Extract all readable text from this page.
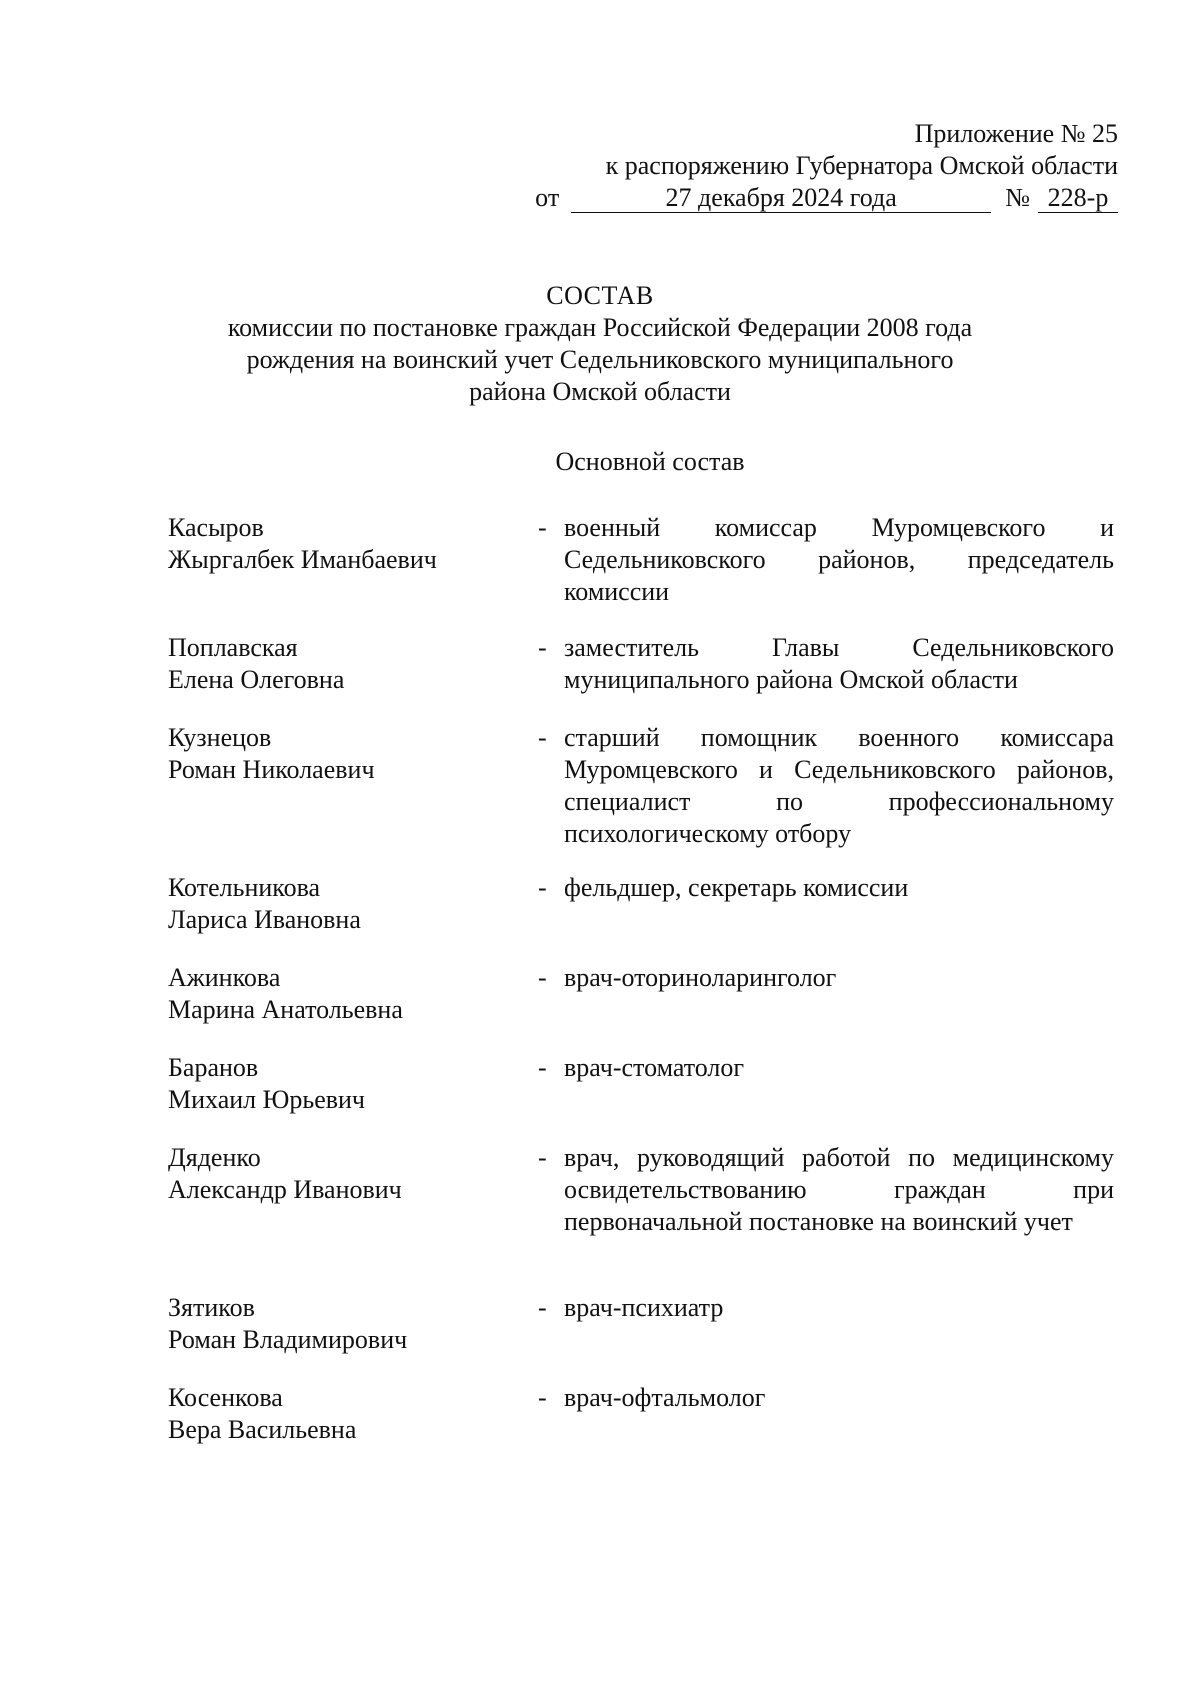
Приложение № 25
к распоряжению Губернатора Омской области
от	27 декабря 2024 года	№ 228-р
СОСТАВ
комиссии по постановке граждан Российской Федерации 2008 года
рождения на воинский учет Седельниковского муниципального
района Омской области
Основной состав
Касыров
Жыргалбек Иманбаевич
- военный комиссар Муромцевского и Седельниковского районов, председатель комиссии
Поплавская
Елена Олеговна
- заместитель Главы Седельниковского муниципального района Омской области
Кузнецов
Роман Николаевич
- старший помощник военного комиссара Муромцевского и Седельниковского районов, специалист по профессиональному психологическому отбору
Котельникова
Лариса Ивановна
- фельдшер, секретарь комиссии
Ажинкова
Марина Анатольевна
- врач-оториноларинголог
Баранов
Михаил Юрьевич
- врач-стоматолог
Дяденко
Александр Иванович
- врач, руководящий работой по медицинскому освидетельствованию граждан при первоначальной постановке на воинский учет
Зятиков
Роман Владимирович
- врач-психиатр
Косенкова
Вера Васильевна
- врач-офтальмолог
